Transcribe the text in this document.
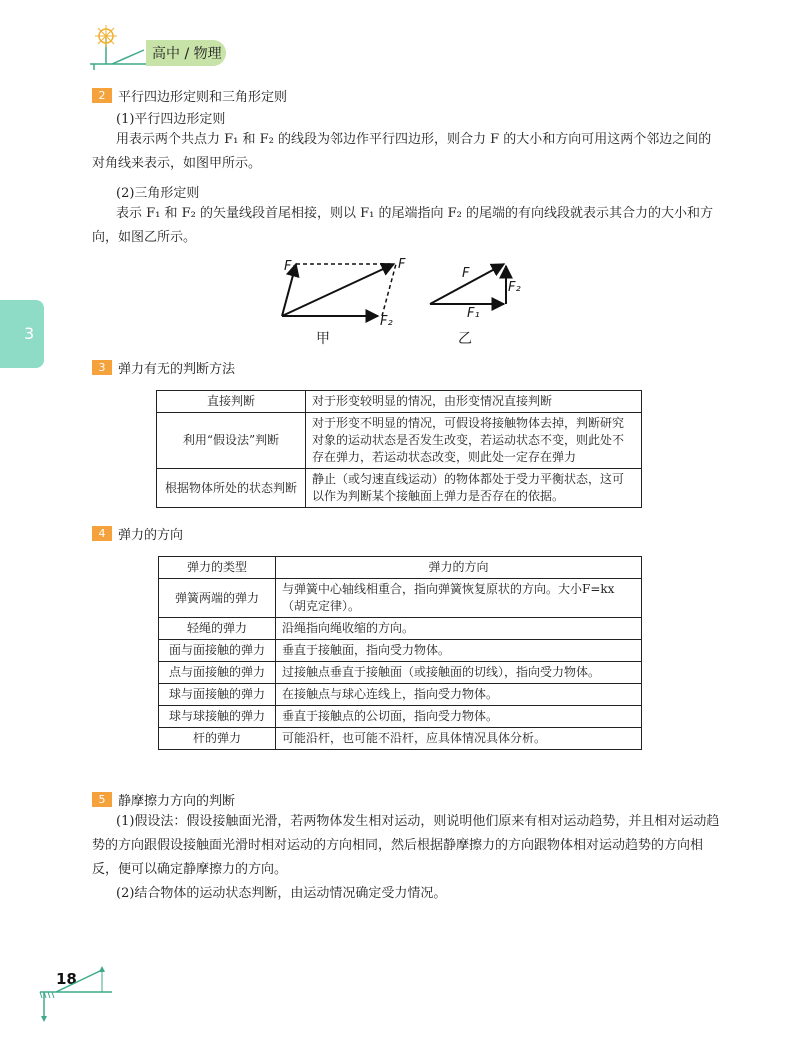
高中 / 物理
3
2 平行四边形定则和三角形定则
(1)平行四边形定则
用表示两个共点力 F₁ 和 F₂ 的线段为邻边作平行四边形，则合力 F 的大小和方向可用这两个邻边之间的
对角线来表示，如图甲所示。
(2)三角形定则
表示 F₁ 和 F₂ 的矢量线段首尾相接，则以 F₁ 的尾端指向 F₂ 的尾端的有向线段就表示其合力的大小和方
向，如图乙所示。
F₁	F
F₂
甲
F
F₂
F₁
乙
3 弹力有无的判断方法
直接判断	对于形变较明显的情况，由形变情况直接判断
利用“假设法”判断	对于形变不明显的情况，可假设将接触物体去掉，判断研究对象的运动状态是否发生改变，若运动状态不变，则此处不存在弹力，若运动状态改变，则此处一定存在弹力
根据物体所处的状态判断	静止（或匀速直线运动）的物体都处于受力平衡状态，这可以作为判断某个接触面上弹力是否存在的依据。
4 弹力的方向
弹力的类型	弹力的方向
弹簧两端的弹力	与弹簧中心轴线相重合，指向弹簧恢复原状的方向。大小F=kx（胡克定律）。
轻绳的弹力	沿绳指向绳收缩的方向。
面与面接触的弹力	垂直于接触面，指向受力物体。
点与面接触的弹力	过接触点垂直于接触面（或接触面的切线），指向受力物体。
球与面接触的弹力	在接触点与球心连线上，指向受力物体。
球与球接触的弹力	垂直于接触点的公切面，指向受力物体。
杆的弹力	可能沿杆，也可能不沿杆，应具体情况具体分析。
5 静摩擦力方向的判断
(1)假设法：假设接触面光滑，若两物体发生相对运动，则说明他们原来有相对运动趋势，并且相对运动趋
势的方向跟假设接触面光滑时相对运动的方向相同，然后根据静摩擦力的方向跟物体相对运动趋势的方向相
反，便可以确定静摩擦力的方向。
(2)结合物体的运动状态判断，由运动情况确定受力情况。
18
